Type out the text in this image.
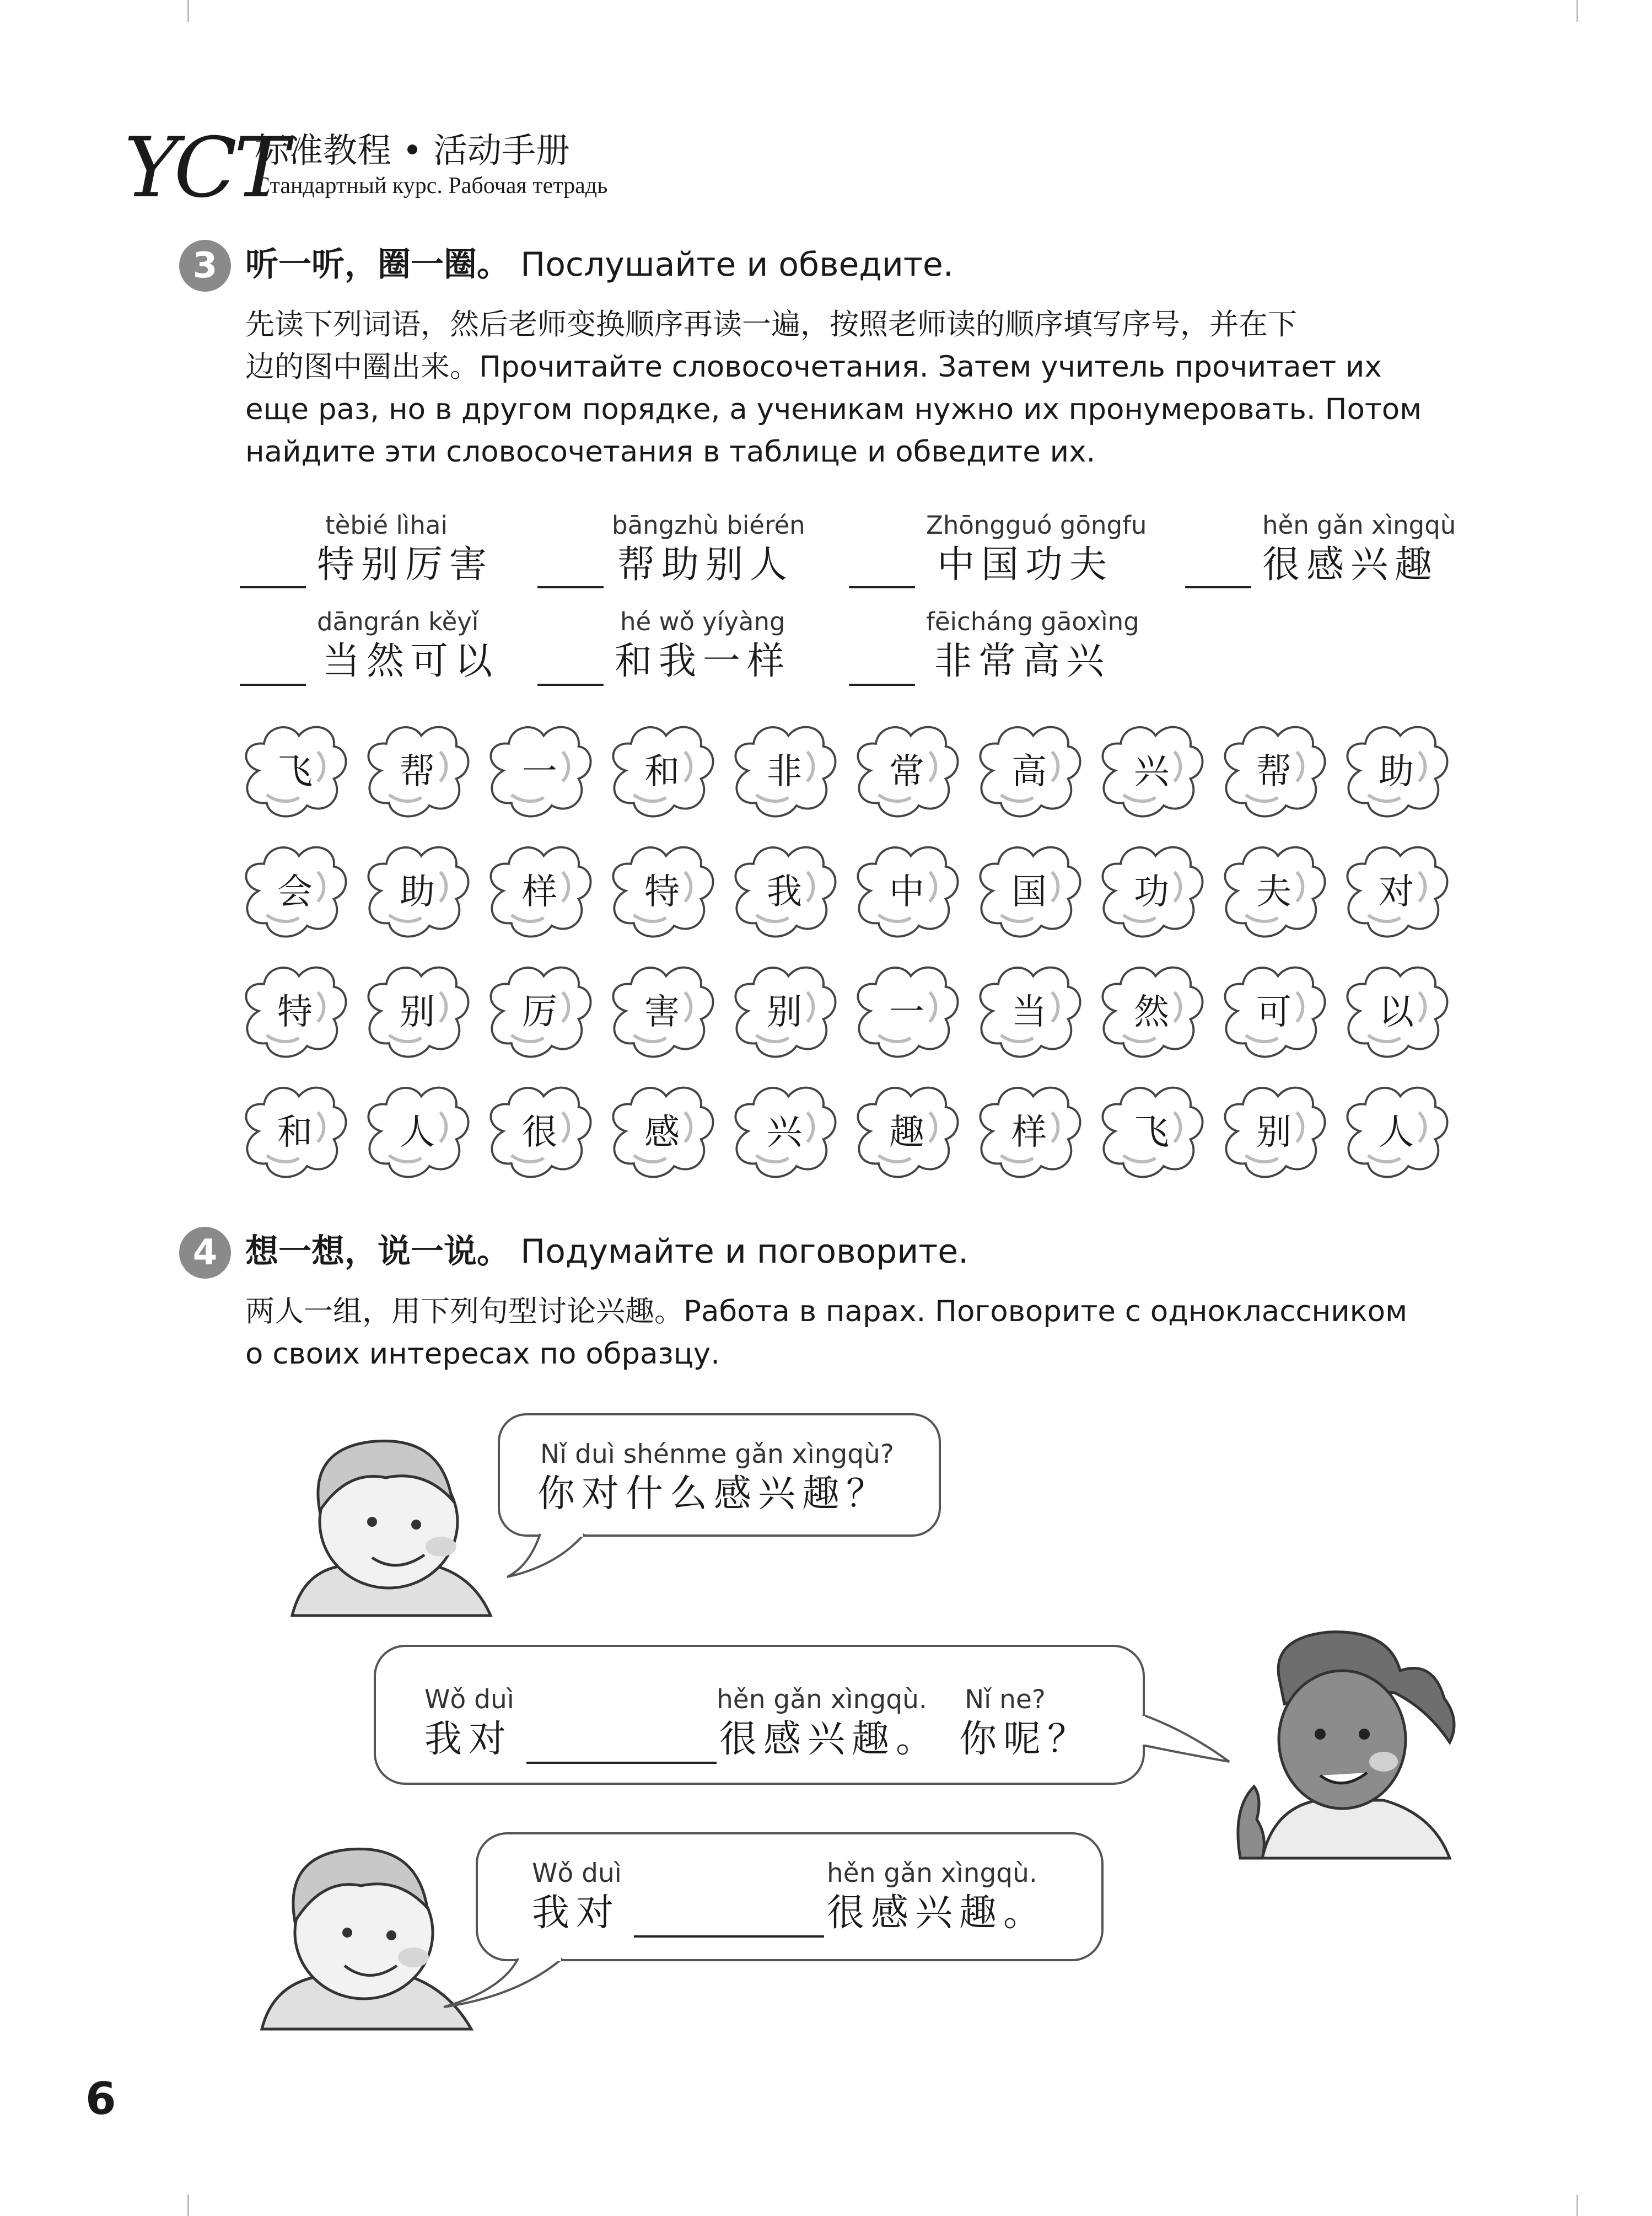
YCT
标准教程 • 活动手册
Стандартный курс. Рабочая тетрадь
3 听一听，圈一圈。 Послушайте и обведите.
先读下列词语，然后老师变换顺序再读一遍，按照老师读的顺序填写序号，并在下
边的图中圈出来。Прочитайте словосочетания. Затем учитель прочитает их
еще раз, но в другом порядке, а ученикам нужно их пронумеровать. Потом
найдите эти словосочетания в таблице и обведите их.
tèbié lìhai
特别厉害
bāngzhù biérén
帮助别人
Zhōngguó gōngfu
中国功夫
hěn gǎn xìngqù
很感兴趣
dāngrán kěyǐ
当然可以
hé wǒ yíyàng
和我一样
fēicháng gāoxìng
非常高兴
飞	帮	一	和	非	常	高	兴	帮	助
会	助	样	特	我	中	国	功	夫	对
特	别	厉	害	别	一	当	然	可	以
和	人	很	感	兴	趣	样	飞	别	人
4 想一想，说一说。 Подумайте и поговорите.
两人一组，用下列句型讨论兴趣。Работа в парах. Поговорите с одноклассником
о своих интересах по образцу.
Nǐ duì shénme gǎn xìngqù?
你对什么感兴趣？
Wǒ duì	hěn gǎn xìngqù. Nǐ ne?
我对	很感兴趣。 你呢？
Wǒ duì	hěn gǎn xìngqù.
我对	很感兴趣。
6
